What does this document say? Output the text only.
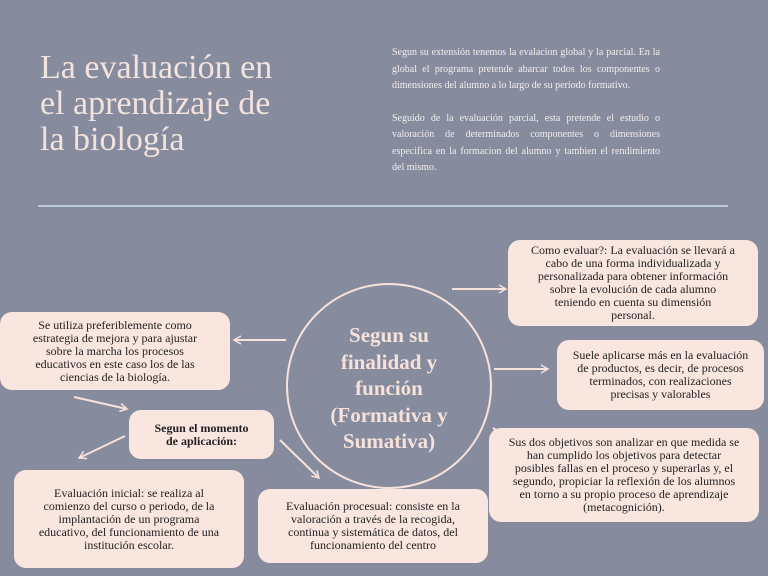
La evaluación en
el aprendizaje de
la biología

Segun su extensión tenemos la evalacion global y la parcial. En la global el programa pretende abarcar todos los componentes o dimensiones del alumno a lo largo de su periodo formativo.

Seguido de la evaluación parcial, esta pretende el estudio o valoración de determinados componentes o dimensiones especifica en la formacion del alumno y tambien el rendimiento del mismo.

Segun su
finalidad y
función
(Formativa y
Sumativa)
Como evaluar?: La evaluación se llevará a
cabo de una forma individualizada y
personalizada para obtener información
sobre la evolución de cada alumno
teniendo en cuenta su dimensión
personal.
Suele aplicarse más en la evaluación
de productos, es decir, de procesos
terminados, con realizaciones
precisas y valorables
Sus dos objetivos son analizar en que medida se
han cumplido los objetivos para detectar
posibles fallas en el proceso y superarlas y, el
segundo, propiciar la reflexión de los alumnos
en torno a su propio proceso de aprendizaje
(metacognición).
Evaluación procesual: consiste en la
valoración a través de la recogida,
continua y sistemática de datos, del
funcionamiento del centro
Evaluación inicial: se realiza al
comienzo del curso o periodo, de la
implantación de un programa
educativo, del funcionamiento de una
institución escolar.
Segun el momento
de aplicación:
Se utiliza preferiblemente como
estrategia de mejora y para ajustar
sobre la marcha los procesos
educativos en este caso los de las
ciencias de la biología.
